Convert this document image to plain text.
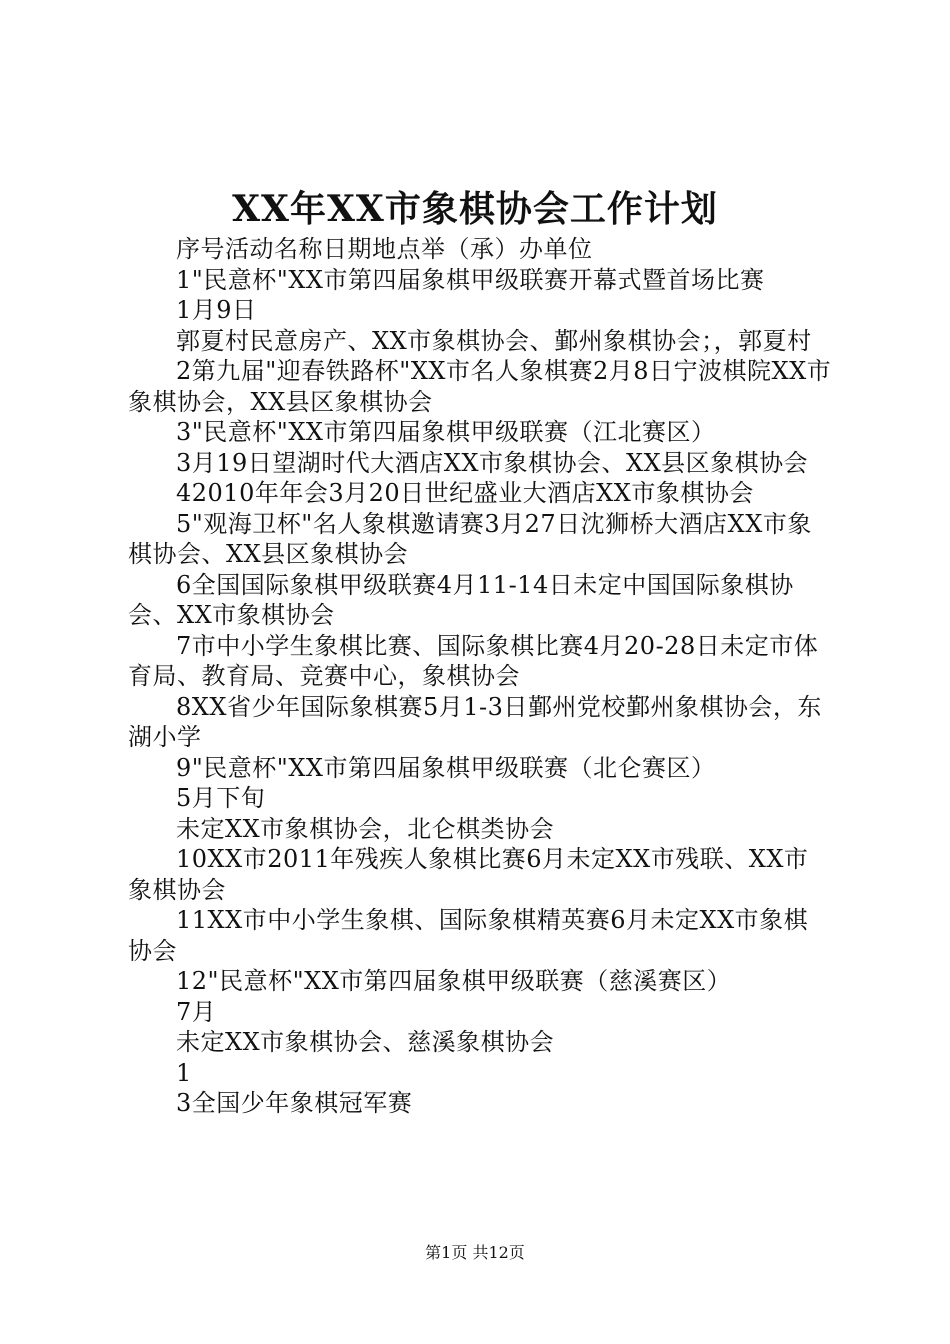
XX年XX市象棋协会工作计划

序号活动名称日期地点举（承）办单位

1"民意杯"XX市第四届象棋甲级联赛开幕式暨首场比赛

1月9日

郭夏村民意房产、XX市象棋协会、鄞州象棋协会；，郭夏村

2第九届"迎春铁路杯"XX市名人象棋赛2月8日宁波棋院XX市象棋协会，XX县区象棋协会

3"民意杯"XX市第四届象棋甲级联赛（江北赛区）

3月19日望湖时代大酒店XX市象棋协会、XX县区象棋协会

42010年年会3月20日世纪盛业大酒店XX市象棋协会

5"观海卫杯"名人象棋邀请赛3月27日沈狮桥大酒店XX市象棋协会、XX县区象棋协会

6全国国际象棋甲级联赛4月11-14日未定中国国际象棋协会、XX市象棋协会

7市中小学生象棋比赛、国际象棋比赛4月20-28日未定市体育局、教育局、竞赛中心，象棋协会

8XX省少年国际象棋赛5月1-3日鄞州党校鄞州象棋协会，东湖小学

9"民意杯"XX市第四届象棋甲级联赛（北仑赛区）

5月下旬

未定XX市象棋协会，北仑棋类协会

10XX市2011年残疾人象棋比赛6月未定XX市残联、XX市象棋协会

11XX市中小学生象棋、国际象棋精英赛6月未定XX市象棋协会

12"民意杯"XX市第四届象棋甲级联赛（慈溪赛区）

7月

未定XX市象棋协会、慈溪象棋协会

1

3全国少年象棋冠军赛

第1页 共12页
